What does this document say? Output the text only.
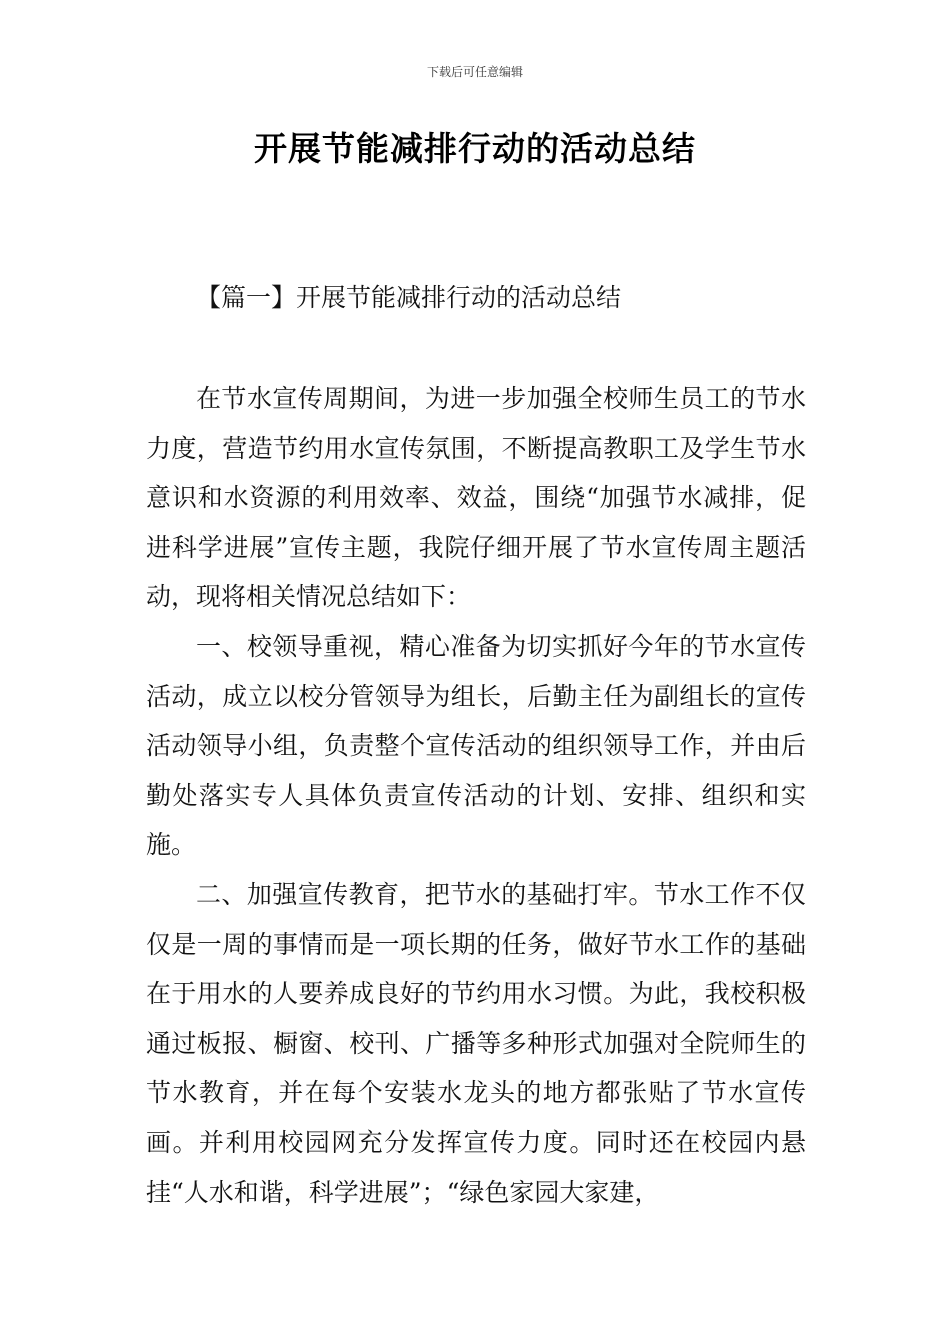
下载后可任意编辑
开展节能减排行动的活动总结
【篇一】开展节能减排行动的活动总结

在节水宣传周期间，为进一步加强全校师生员工的节水力度，营造节约用水宣传氛围，不断提高教职工及学生节水意识和水资源的利用效率、效益，围绕“加强节水减排，促进科学进展”宣传主题，我院仔细开展了节水宣传周主题活动，现将相关情况总结如下：

一、校领导重视，精心准备为切实抓好今年的节水宣传活动，成立以校分管领导为组长，后勤主任为副组长的宣传活动领导小组，负责整个宣传活动的组织领导工作，并由后勤处落实专人具体负责宣传活动的计划、安排、组织和实施。

二、加强宣传教育，把节水的基础打牢。节水工作不仅仅是一周的事情而是一项长期的任务，做好节水工作的基础在于用水的人要养成良好的节约用水习惯。为此，我校积极通过板报、橱窗、校刊、广播等多种形式加强对全院师生的节水教育，并在每个安装水龙头的地方都张贴了节水宣传画。并利用校园网充分发挥宣传力度。同时还在校园内悬挂“人水和谐，科学进展”；“绿色家园大家建，
